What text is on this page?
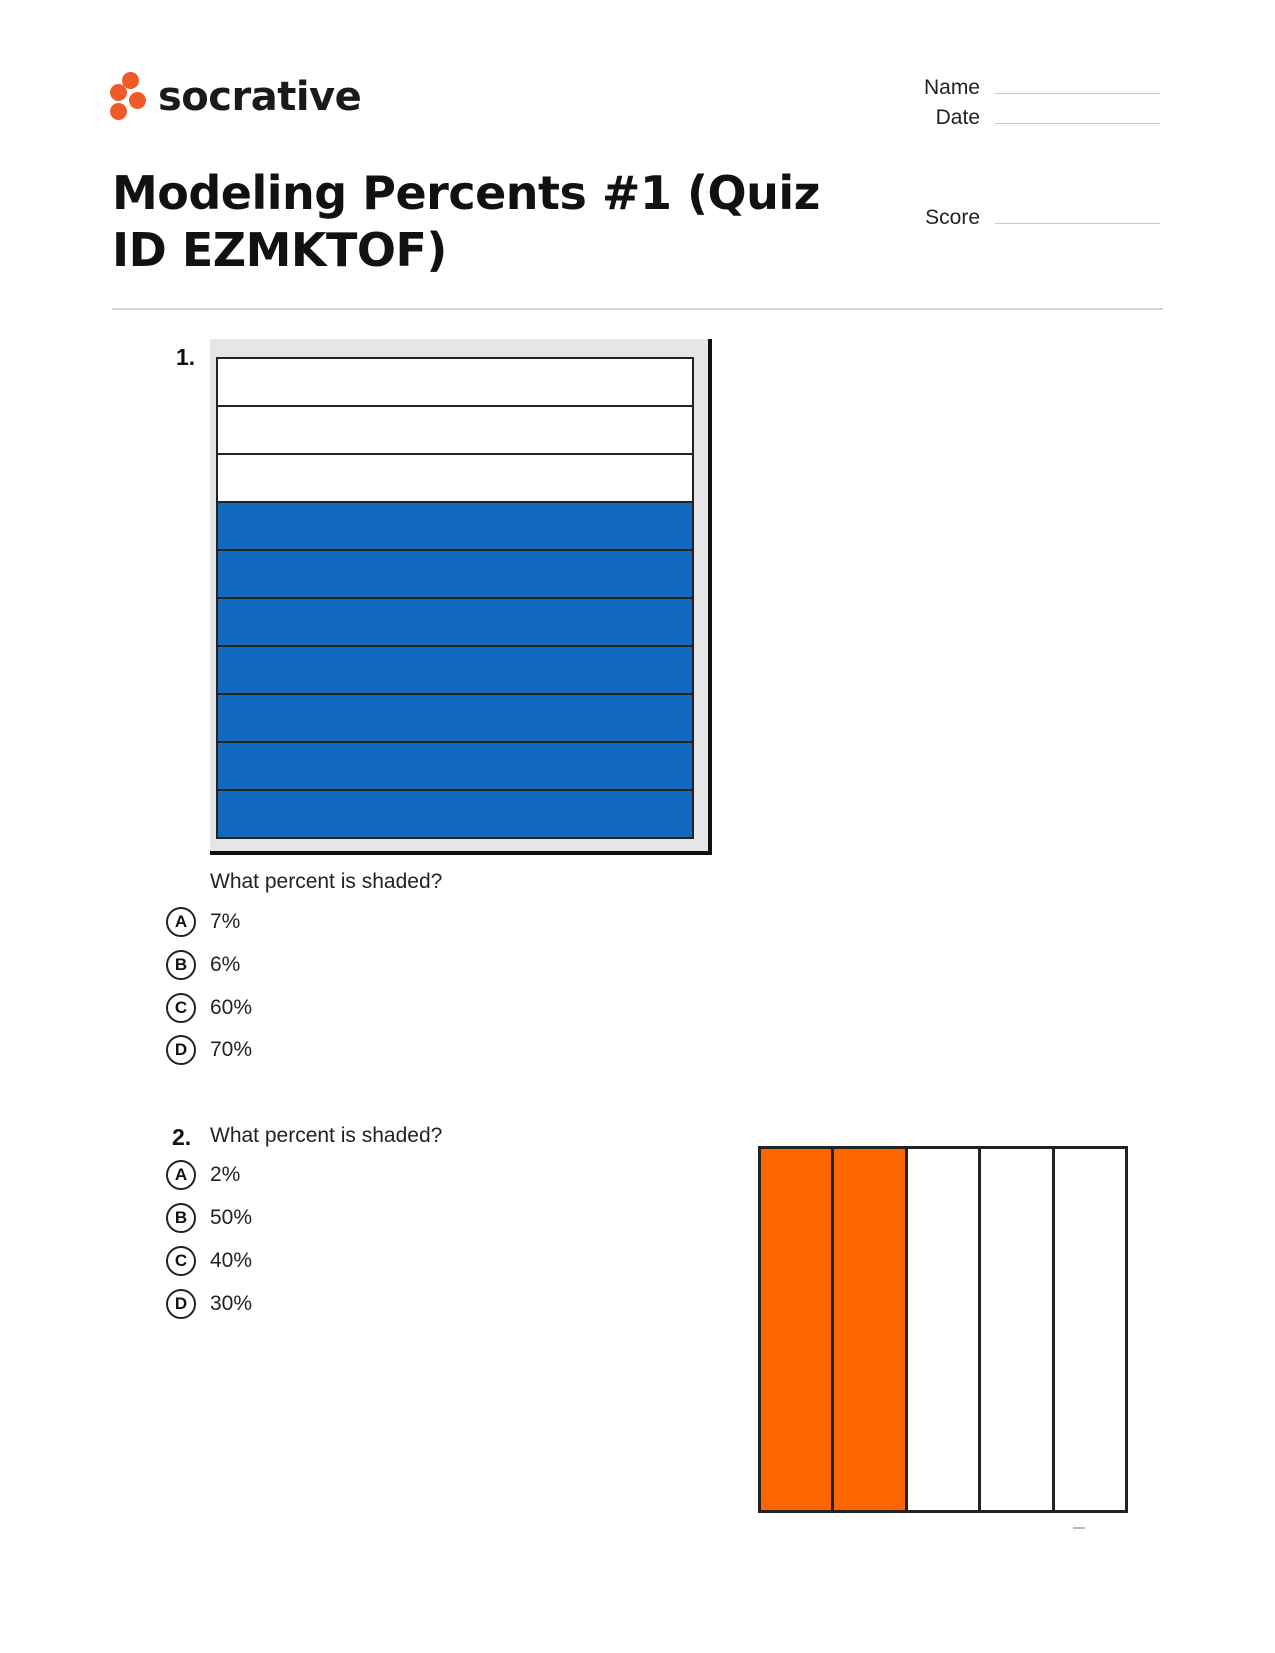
socrative	Name
Date
Score
Modeling Percents #1 (Quiz ID EZMKTOF)
1.
What percent is shaded?
A	7%
B	6%
C	60%
D	70%
2. What percent is shaded?
A	2%
B	50%
C	40%
D	30%
